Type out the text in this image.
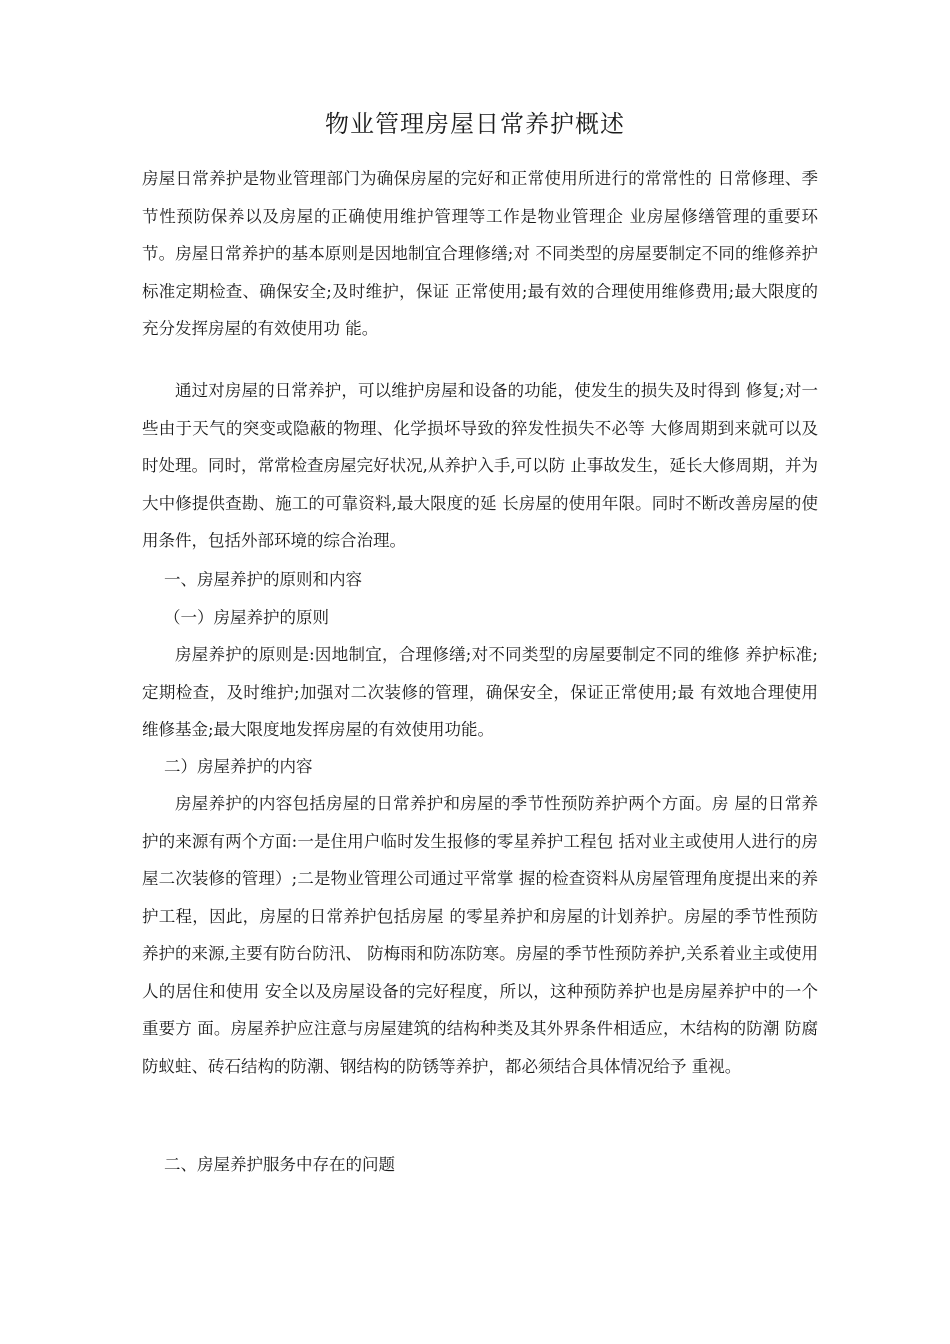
物业管理房屋日常养护概述

房屋日常养护是物业管理部门为确保房屋的完好和正常使用所进行的常常性的 日常修理、季节性预防保养以及房屋的正确使用维护管理等工作是物业管理企 业房屋修缮管理的重要环节。房屋日常养护的基本原则是因地制宜合理修缮;对 不同类型的房屋要制定不同的维修养护标准定期检查、确保安全;及时维护，保证 正常使用;最有效的合理使用维修费用;最大限度的充分发挥房屋的有效使用功 能。

通过对房屋的日常养护，可以维护房屋和设备的功能，使发生的损失及时得到 修复;对一些由于天气的突变或隐蔽的物理、化学损坏导致的猝发性损失不必等 大修周期到来就可以及时处理。同时，常常检查房屋完好状况,从养护入手,可以防 止事故发生，延长大修周期，并为大中修提供查勘、施工的可靠资料,最大限度的延 长房屋的使用年限。同时不断改善房屋的使用条件，包括外部环境的综合治理。

一、房屋养护的原则和内容

（一）房屋养护的原则

房屋养护的原则是:因地制宜，合理修缮;对不同类型的房屋要制定不同的维修 养护标准;定期检查，及时维护;加强对二次装修的管理，确保安全，保证正常使用;最 有效地合理使用维修基金;最大限度地发挥房屋的有效使用功能。

二）房屋养护的内容

房屋养护的内容包括房屋的日常养护和房屋的季节性预防养护两个方面。房 屋的日常养护的来源有两个方面:一是住用户临时发生报修的零星养护工程包 括对业主或使用人进行的房屋二次装修的管理）;二是物业管理公司通过平常掌 握的检查资料从房屋管理角度提出来的养护工程，因此，房屋的日常养护包括房屋 的零星养护和房屋的计划养护。房屋的季节性预防养护的来源,主要有防台防汛、 防梅雨和防冻防寒。房屋的季节性预防养护,关系着业主或使用人的居住和使用 安全以及房屋设备的完好程度，所以，这种预防养护也是房屋养护中的一个重要方 面。房屋养护应注意与房屋建筑的结构种类及其外界条件相适应，木结构的防潮 防腐防蚁蛀、砖石结构的防潮、钢结构的防锈等养护，都必须结合具体情况给予 重视。

二、房屋养护服务中存在的问题
